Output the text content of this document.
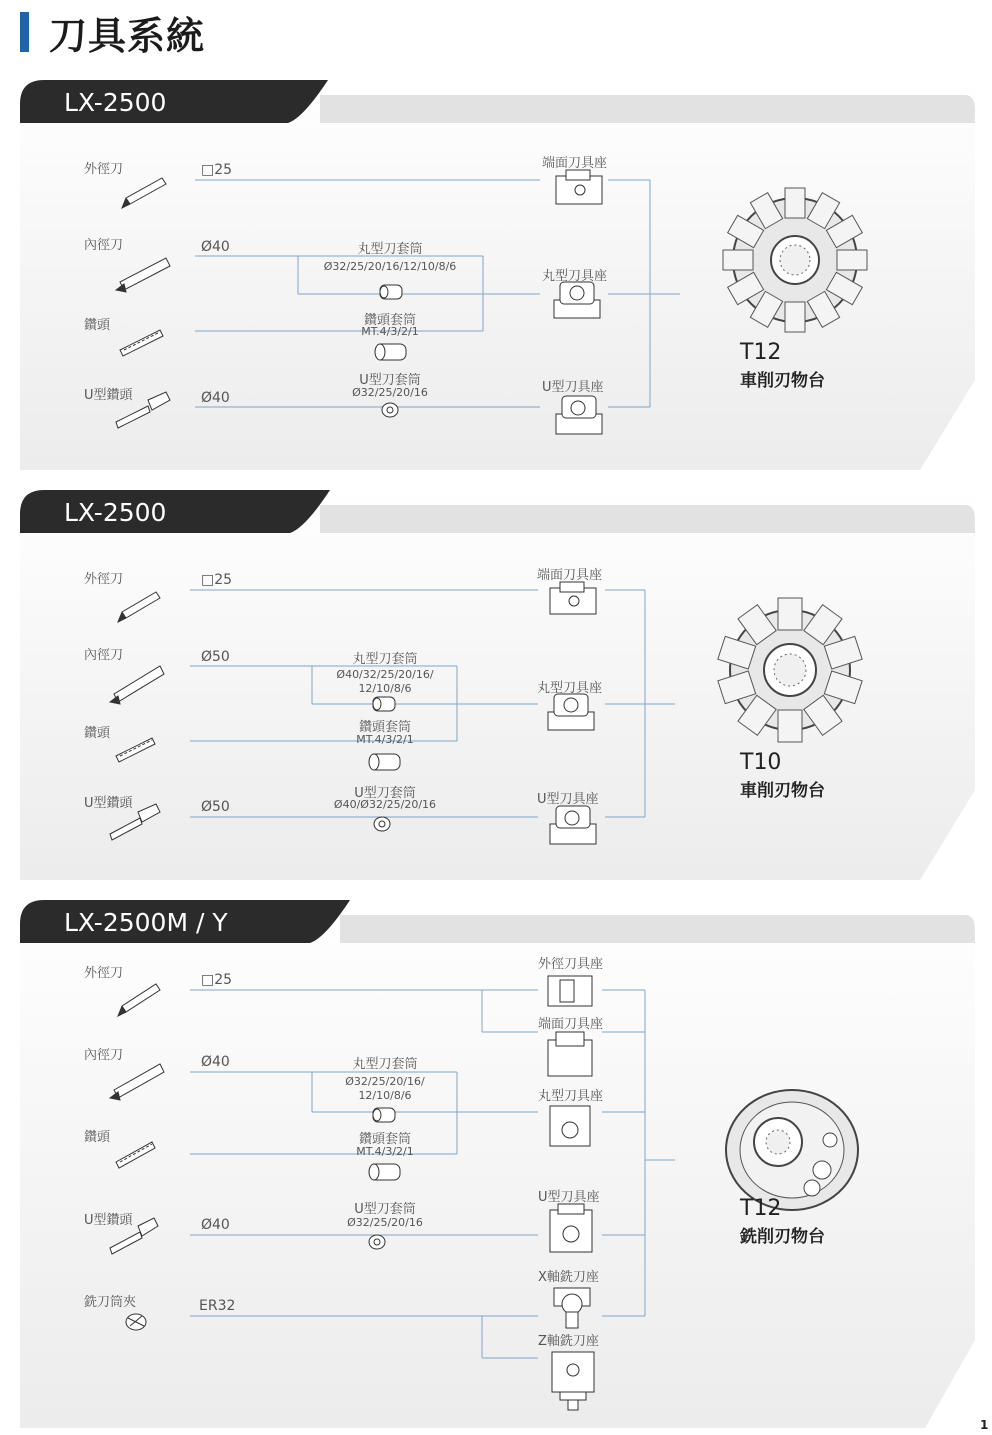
刀具系統
LX-2500
外徑刀
內徑刀
鑽頭
U型鑽頭
□25
Ø40
Ø40
丸型刀套筒
Ø32/25/20/16/12/10/8/6
鑽頭套筒
MT.4/3/2/1
U型刀套筒
Ø32/25/20/16
端面刀具座
丸型刀具座
U型刀具座
T12
車削刃物台
LX-2500
外徑刀
內徑刀
鑽頭
U型鑽頭
□25
Ø50
Ø50
丸型刀套筒
Ø40/32/25/20/16/
12/10/8/6
鑽頭套筒
MT.4/3/2/1
U型刀套筒
Ø40/Ø32/25/20/16
端面刀具座
丸型刀具座
U型刀具座
T10
車削刃物台
LX-2500M / Y
外徑刀
內徑刀
鑽頭
U型鑽頭
銑刀筒夾
□25
Ø40
Ø40
ER32
丸型刀套筒
Ø32/25/20/16/
12/10/8/6
鑽頭套筒
MT.4/3/2/1
U型刀套筒
Ø32/25/20/16
外徑刀具座
端面刀具座
丸型刀具座
U型刀具座
X軸銑刀座
Z軸銑刀座
T12
銑削刃物台
1
